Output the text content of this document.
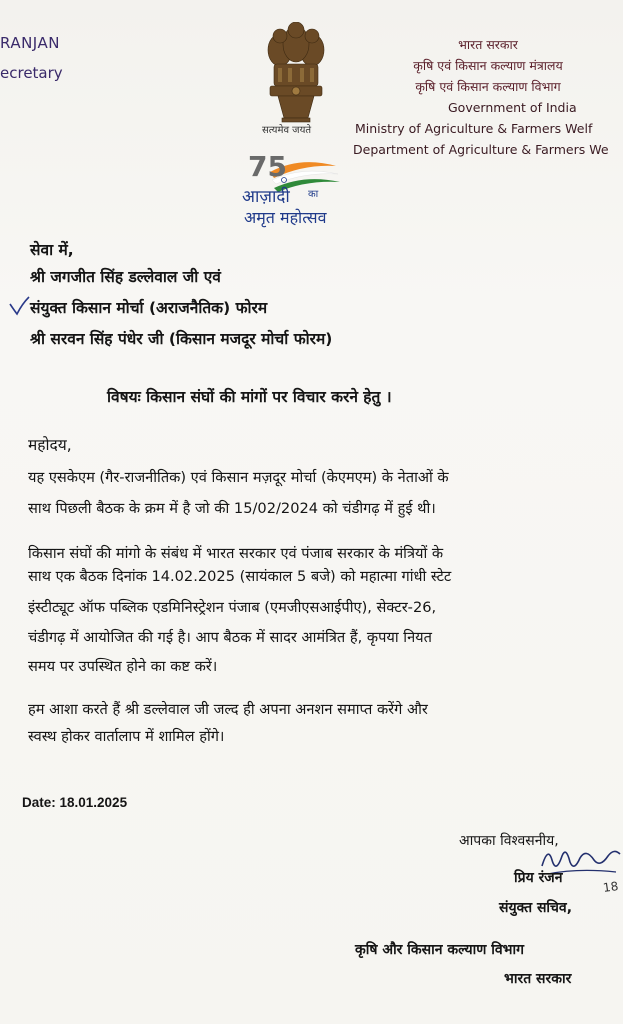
RANJAN
ecretary
सत्यमेव जयते
75
आज़ादी का
अमृत महोत्सव
भारत सरकार
कृषि एवं किसान कल्याण मंत्रालय
कृषि एवं किसान कल्याण विभाग
Government of India
Ministry of Agriculture & Farmers Welf
Department of Agriculture & Farmers We
सेवा में,
श्री जगजीत सिंह डल्लेवाल जी एवं
संयुक्त किसान मोर्चा (अराजनैतिक) फोरम
श्री सरवन सिंह पंधेर जी (किसान मजदूर मोर्चा फोरम)
विषयः किसान संघों की मांगों पर विचार करने हेतु ।
महोदय,
यह एसकेएम (गैर-राजनीतिक) एवं किसान मज़दूर मोर्चा (केएमएम) के नेताओं के
साथ पिछली बैठक के क्रम में है जो की 15/02/2024 को चंडीगढ़ में हुई थी।
किसान संघों की मांगो के संबंध में भारत सरकार एवं पंजाब सरकार के मंत्रियों के
साथ एक बैठक दिनांक 14.02.2025 (सायंकाल 5 बजे) को महात्मा गांधी स्टेट
इंस्टीट्यूट ऑफ पब्लिक एडमिनिस्ट्रेशन पंजाब (एमजीएसआईपीए), सेक्टर-26,
चंडीगढ़ में आयोजित की गई है। आप बैठक में सादर आमंत्रित हैं, कृपया नियत
समय पर उपस्थित होने का कष्ट करें।
हम आशा करते हैं श्री डल्लेवाल जी जल्द ही अपना अनशन समाप्त करेंगे और
स्वस्थ होकर वार्तालाप में शामिल होंगे।
Date: 18.01.2025
आपका विश्वसनीय,
18
प्रिय रंजन
संयुक्त सचिव,
कृषि और किसान कल्याण विभाग
भारत सरकार
